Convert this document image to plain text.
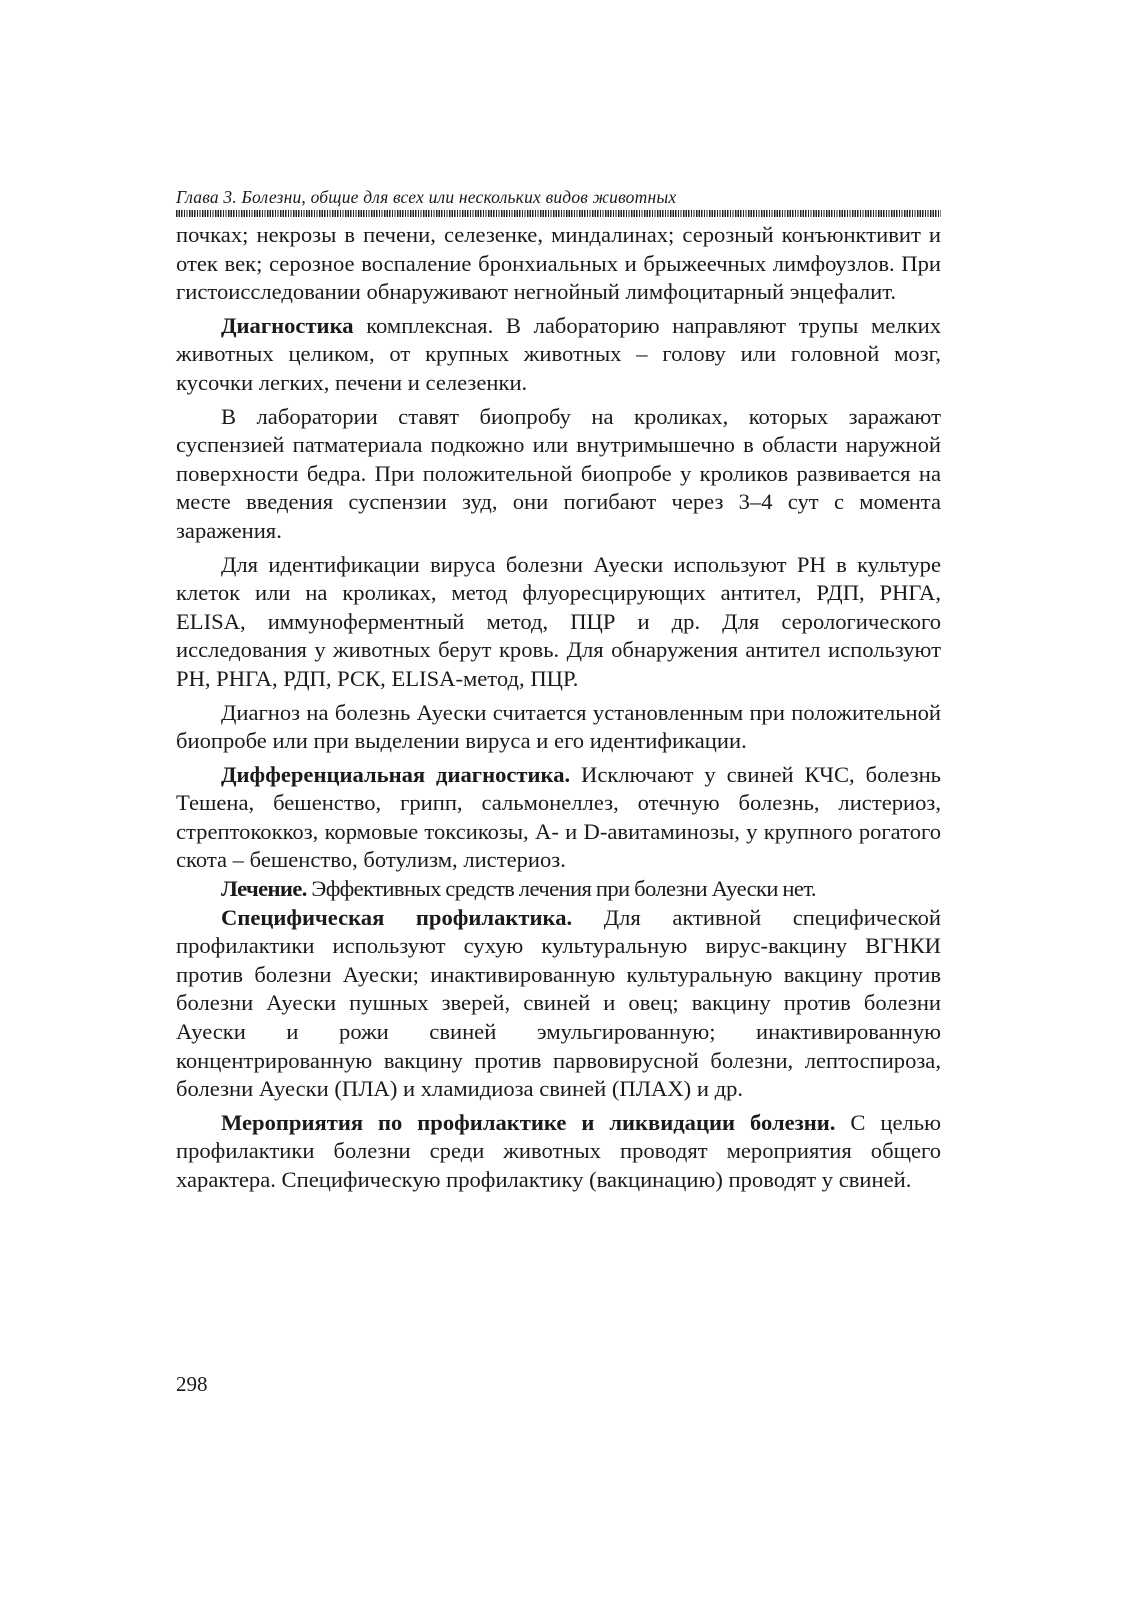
Глава 3. Болезни, общие для всех или нескольких видов животных

почках; некрозы в печени, селезенке, миндалинах; серозный конъюнктивит и отек век; серозное воспаление бронхиальных и брыжеечных лимфоузлов. При гистоисследовании обнаруживают негнойный лимфоцитарный энцефалит.

Диагностика комплексная. В лабораторию направляют трупы мелких животных целиком, от крупных животных – голову или головной мозг, кусочки легких, печени и селезенки.

В лаборатории ставят биопробу на кроликах, которых заражают суспензией патматериала подкожно или внутримышечно в области наружной поверхности бедра. При положительной биопробе у кроликов развивается на месте введения суспензии зуд, они погибают через 3–4 сут с момента заражения.

Для идентификации вируса болезни Ауески используют РН в культуре клеток или на кроликах, метод флуоресцирующих антител, РДП, РНГА, ELISA, иммуноферментный метод, ПЦР и др. Для серологического исследования у животных берут кровь. Для обнаружения антител используют РН, РНГА, РДП, РСК, ELISA-метод, ПЦР.

Диагноз на болезнь Ауески считается установленным при положительной биопробе или при выделении вируса и его идентификации.

Дифференциальная диагностика. Исключают у свиней КЧС, болезнь Тешена, бешенство, грипп, сальмонеллез, отечную болезнь, листериоз, стрептококкоз, кормовые токсикозы, А- и D-авитаминозы, у крупного рогатого скота – бешенство, ботулизм, листериоз.

Лечение. Эффективных средств лечения при болезни Ауески нет.

Специфическая профилактика. Для активной специфической профилактики используют сухую культуральную вирус-вакцину ВГНКИ против болезни Ауески; инактивированную культуральную вакцину против болезни Ауески пушных зверей, свиней и овец; вакцину против болезни Ауески и рожи свиней эмульгированную; инактивированную концентрированную вакцину против парвовирусной болезни, лептоспироза, болезни Ауески (ПЛА) и хламидиоза свиней (ПЛАХ) и др.

Мероприятия по профилактике и ликвидации болезни. С целью профилактики болезни среди животных проводят мероприятия общего характера. Специфическую профилактику (вакцинацию) проводят у свиней.

298
